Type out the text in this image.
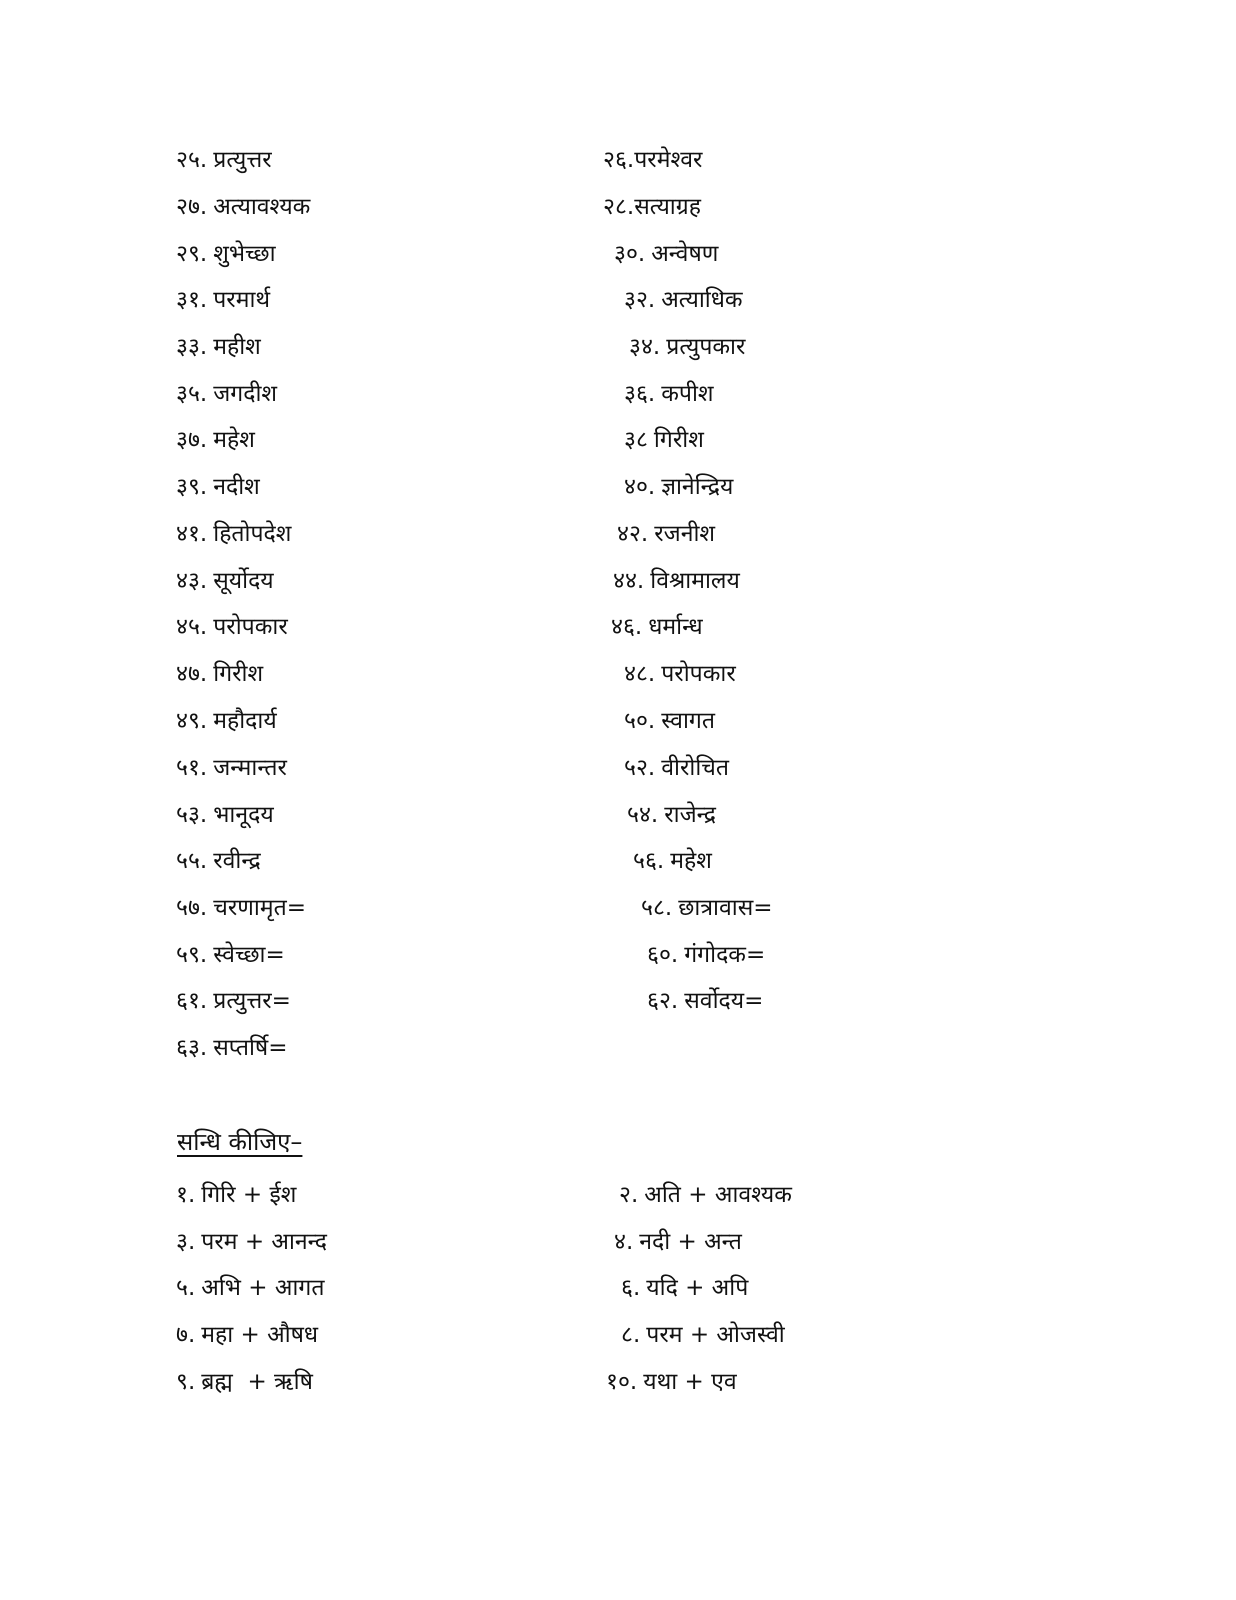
२५. प्रत्युत्तर
२७. अत्यावश्यक
२९. शुभेच्छा
३१. परमार्थ
३३. महीश
३५. जगदीश
३७. महेश
३९. नदीश
४१. हितोपदेश
४३. सूर्योदय
४५. परोपकार
४७. गिरीश
४९. महौदार्य
५१. जन्मान्तर
५३. भानूदय
५५. रवीन्द्र
५७. चरणामृत=
५९. स्वेच्छा=
६१. प्रत्युत्तर=
६३. सप्तर्षि=
२६.परमेश्वर
२८.सत्याग्रह
३०. अन्वेषण
३२. अत्याधिक
३४. प्रत्युपकार
३६. कपीश
३८ गिरीश
४०. ज्ञानेन्द्रिय
४२. रजनीश
४४. विश्रामालय
४६. धर्मान्ध
४८. परोपकार
५०. स्वागत
५२. वीरोचित
५४. राजेन्द्र
५६. महेश
५८. छात्रावास=
६०. गंगोदक=
६२. सर्वोदय=
सन्धि कीजिए–
१. गिरि + ईश
३. परम + आनन्द
५. अभि + आगत
७. महा + औषध
९. ब्रह्म  + ऋषि
२. अति + आवश्यक
४. नदी + अन्त
६. यदि + अपि
८. परम + ओजस्वी
१०. यथा + एव
